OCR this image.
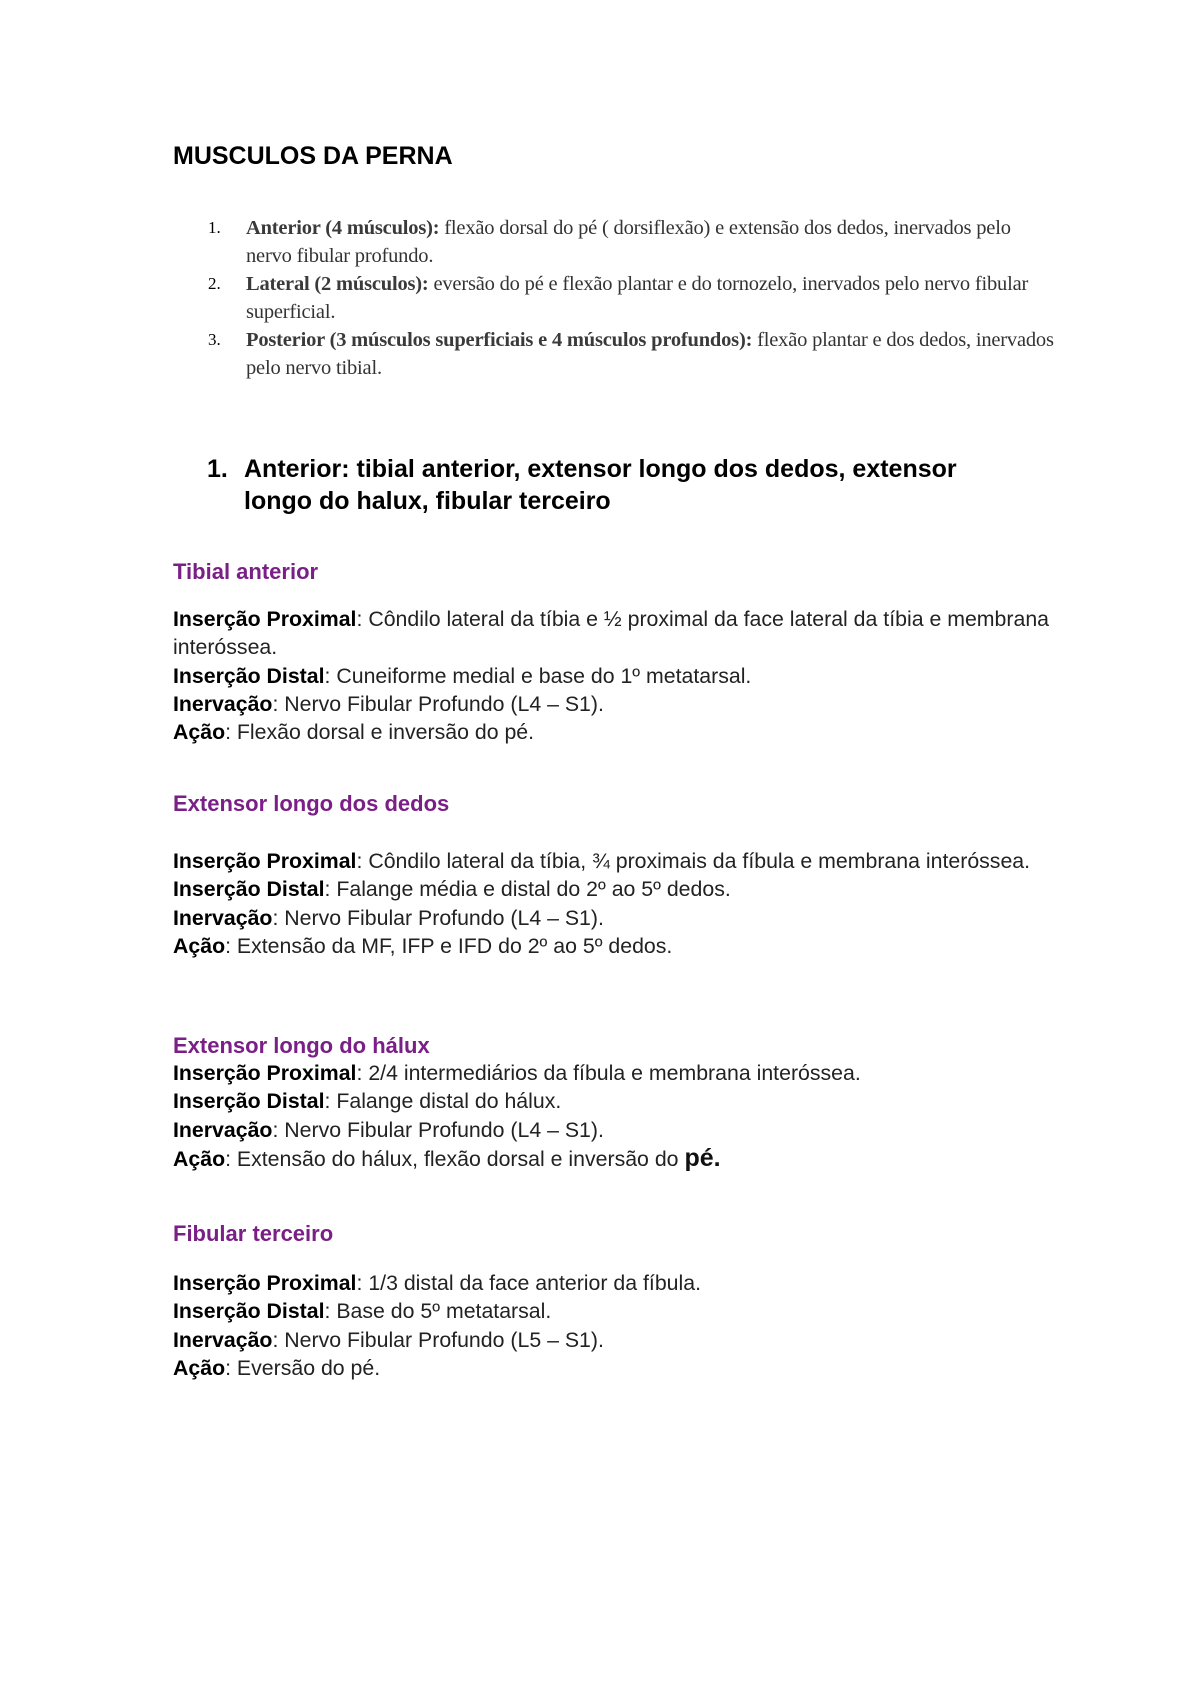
MUSCULOS DA PERNA
1. Anterior (4 músculos): flexão dorsal do pé ( dorsiflexão) e extensão dos dedos, inervados pelo nervo fibular profundo.
2. Lateral (2 músculos): eversão do pé e flexão plantar e do tornozelo, inervados pelo nervo fibular superficial.
3. Posterior (3 músculos superficiais e 4 músculos profundos): flexão plantar e dos dedos, inervados pelo nervo tibial.
1. Anterior: tibial anterior, extensor longo dos dedos, extensor longo do halux, fibular terceiro
Tibial anterior
Inserção Proximal: Côndilo lateral da tíbia e ½ proximal da face lateral da tíbia e membrana interóssea.
Inserção Distal: Cuneiforme medial e base do 1º metatarsal.
Inervação: Nervo Fibular Profundo (L4 – S1).
Ação: Flexão dorsal e inversão do pé.
Extensor longo dos dedos
Inserção Proximal: Côndilo lateral da tíbia, ¾ proximais da fíbula e membrana interóssea.
Inserção Distal: Falange média e distal do 2º ao 5º dedos.
Inervação: Nervo Fibular Profundo (L4 – S1).
Ação: Extensão da MF, IFP e IFD do 2º ao 5º dedos.
Extensor longo do hálux
Inserção Proximal: 2/4 intermediários da fíbula e membrana interóssea.
Inserção Distal: Falange distal do hálux.
Inervação: Nervo Fibular Profundo (L4 – S1).
Ação: Extensão do hálux, flexão dorsal e inversão do pé.
Fibular terceiro
Inserção Proximal: 1/3 distal da face anterior da fíbula.
Inserção Distal: Base do 5º metatarsal.
Inervação: Nervo Fibular Profundo (L5 – S1).
Ação: Eversão do pé.
